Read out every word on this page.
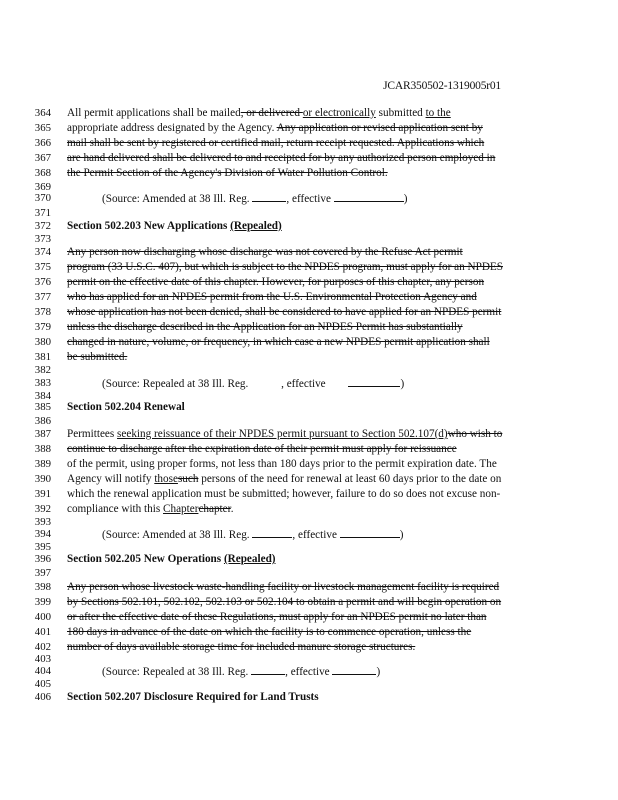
JCAR350502-1319005r01
364
365
366
367
368
369
370
371
372
373
374
375
376
377
378
379
380
381
382
383
384
385
386
387
388
389
390
391
392
393
394
395
396
397
398
399
400
401
402
403
404
405
406
All permit applications shall be mailed, or delivered or electronically submitted to the
appropriate address designated by the Agency. Any application or revised application sent by
mail shall be sent by registered or certified mail, return receipt requested. Applications which
are hand delivered shall be delivered to and receipted for by any authorized person employed in
the Permit Section of the Agency's Division of Water Pollution Control.
(Source: Amended at 38 Ill. Reg.	, effective	)
Section 502.203 New Applications (Repealed)
Any person now discharging whose discharge was not covered by the Refuse Act permit
program (33 U.S.C. 407), but which is subject to the NPDES program, must apply for an NPDES
permit on the effective date of this chapter. However, for purposes of this chapter, any person
who has applied for an NPDES permit from the U.S. Environmental Protection Agency and
whose application has not been denied, shall be considered to have applied for an NPDES permit
unless the discharge described in the Application for an NPDES Permit has substantially
changed in nature, volume, or frequency, in which case a new NPDES permit application shall
be submitted.
(Source: Repealed at 38 Ill. Reg.	, effective	)
Section 502.204 Renewal
Permittees seeking reissuance of their NPDES permit pursuant to Section 502.107(d)who wish to
continue to discharge after the expiration date of their permit must apply for reissuance
of the permit, using proper forms, not less than 180 days prior to the permit expiration date. The
Agency will notify thosesuch persons of the need for renewal at least 60 days prior to the date on
which the renewal application must be submitted; however, failure to do so does not excuse non-
compliance with this Chapterchapter.
(Source: Amended at 38 Ill. Reg.	, effective	)
Section 502.205 New Operations (Repealed)
Any person whose livestock waste-handling facility or livestock management facility is required
by Sections 502.101, 502.102, 502.103 or 502.104 to obtain a permit and will begin operation on
or after the effective date of these Regulations, must apply for an NPDES permit no later than
180 days in advance of the date on which the facility is to commence operation, unless the
number of days available storage time for included manure storage structures.
(Source: Repealed at 38 Ill. Reg.	, effective	)
Section 502.207 Disclosure Required for Land Trusts
